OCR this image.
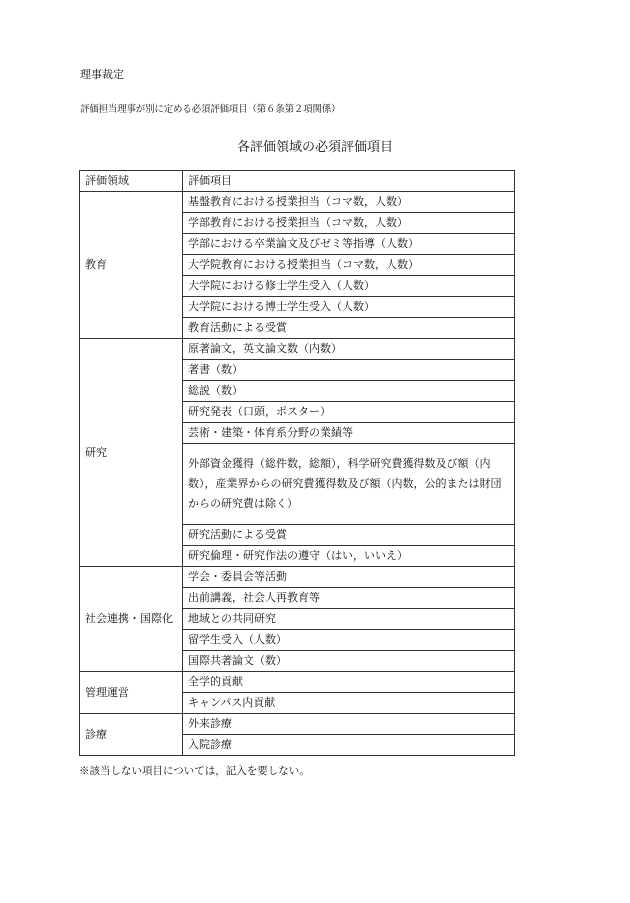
理事裁定
評価担当理事が別に定める必須評価項目（第６条第２項関係）
各評価領域の必須評価項目
評価領域	評価項目
教育	基盤教育における授業担当（コマ数，人数）
	学部教育における授業担当（コマ数，人数）
	学部における卒業論文及びゼミ等指導（人数）
	大学院教育における授業担当（コマ数，人数）
	大学院における修士学生受入（人数）
	大学院における博士学生受入（人数）
	教育活動による受賞
研究	原著論文，英文論文数（内数）
	著書（数）
	総説（数）
	研究発表（口頭，ポスター）
	芸術・建築・体育系分野の業績等
	外部資金獲得（総件数，総額），科学研究費獲得数及び額（内数），産業界からの研究費獲得数及び額（内数，公的または財団からの研究費は除く）
	研究活動による受賞
	研究倫理・研究作法の遵守（はい，いいえ）
社会連携・国際化	学会・委員会等活動
	出前講義，社会人再教育等
	地域との共同研究
	留学生受入（人数）
	国際共著論文（数）
管理運営	全学的貢献
	キャンパス内貢献
診療	外来診療
	入院診療
※該当しない項目については，記入を要しない。
